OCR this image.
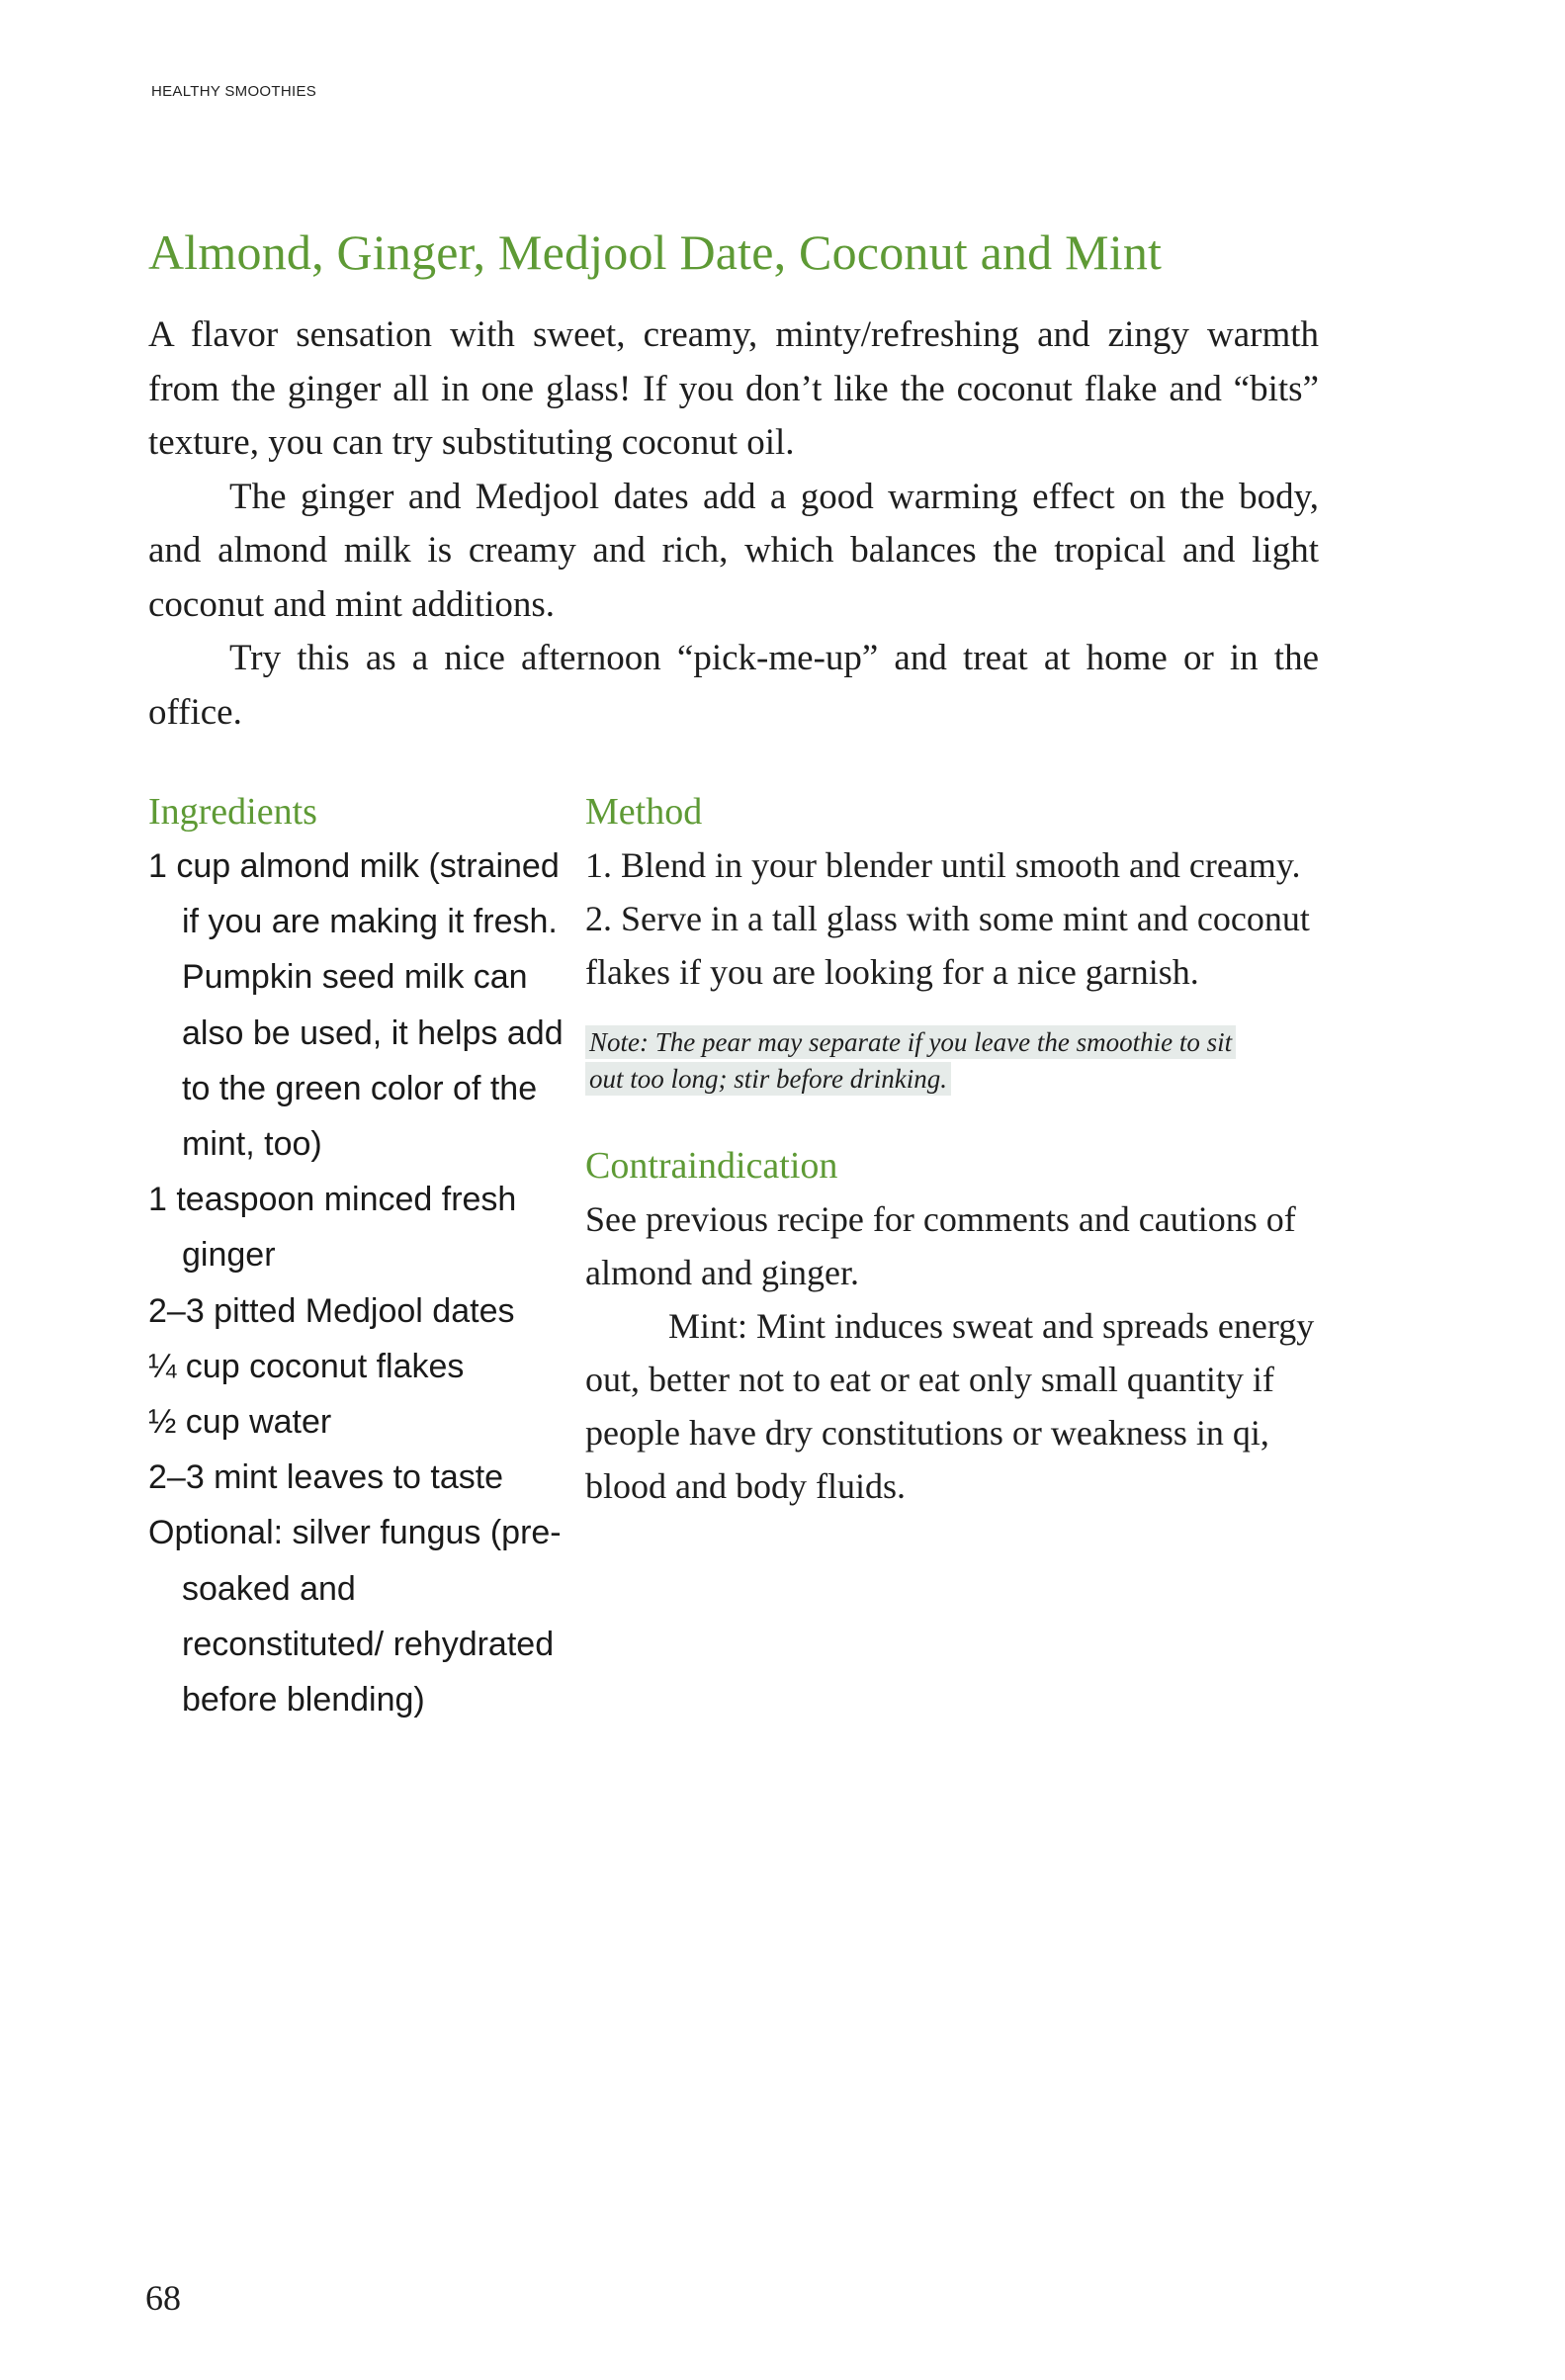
HEALTHY SMOOTHIES
Almond, Ginger, Medjool Date, Coconut and Mint

A flavor sensation with sweet, creamy, minty/refreshing and zingy warmth from the ginger all in one glass! If you don’t like the coconut flake and “bits” texture, you can try substituting coconut oil.

The ginger and Medjool dates add a good warming effect on the body, and almond milk is creamy and rich, which balances the tropical and light coconut and mint additions.

Try this as a nice afternoon “pick-me-up” and treat at home or in the office.

Ingredients
1 cup almond milk (strained if you are making it fresh. Pumpkin seed milk can also be used, it helps add to the green color of the mint, too)
1 teaspoon minced fresh ginger
2–3 pitted Medjool dates
¼ cup coconut flakes
½ cup water
2–3 mint leaves to taste
Optional: silver fungus (pre-soaked and reconstituted/ rehydrated before blending)
Method

1. Blend in your blender until smooth and creamy.

2. Serve in a tall glass with some mint and coconut flakes if you are looking for a nice garnish.

Note: The pear may separate if you leave the smoothie to sit out too long; stir before drinking.
Contraindication

See previous recipe for comments and cautions of almond and ginger.

Mint: Mint induces sweat and spreads energy out, better not to eat or eat only small quantity if people have dry constitutions or weakness in qi, blood and body fluids.

68
